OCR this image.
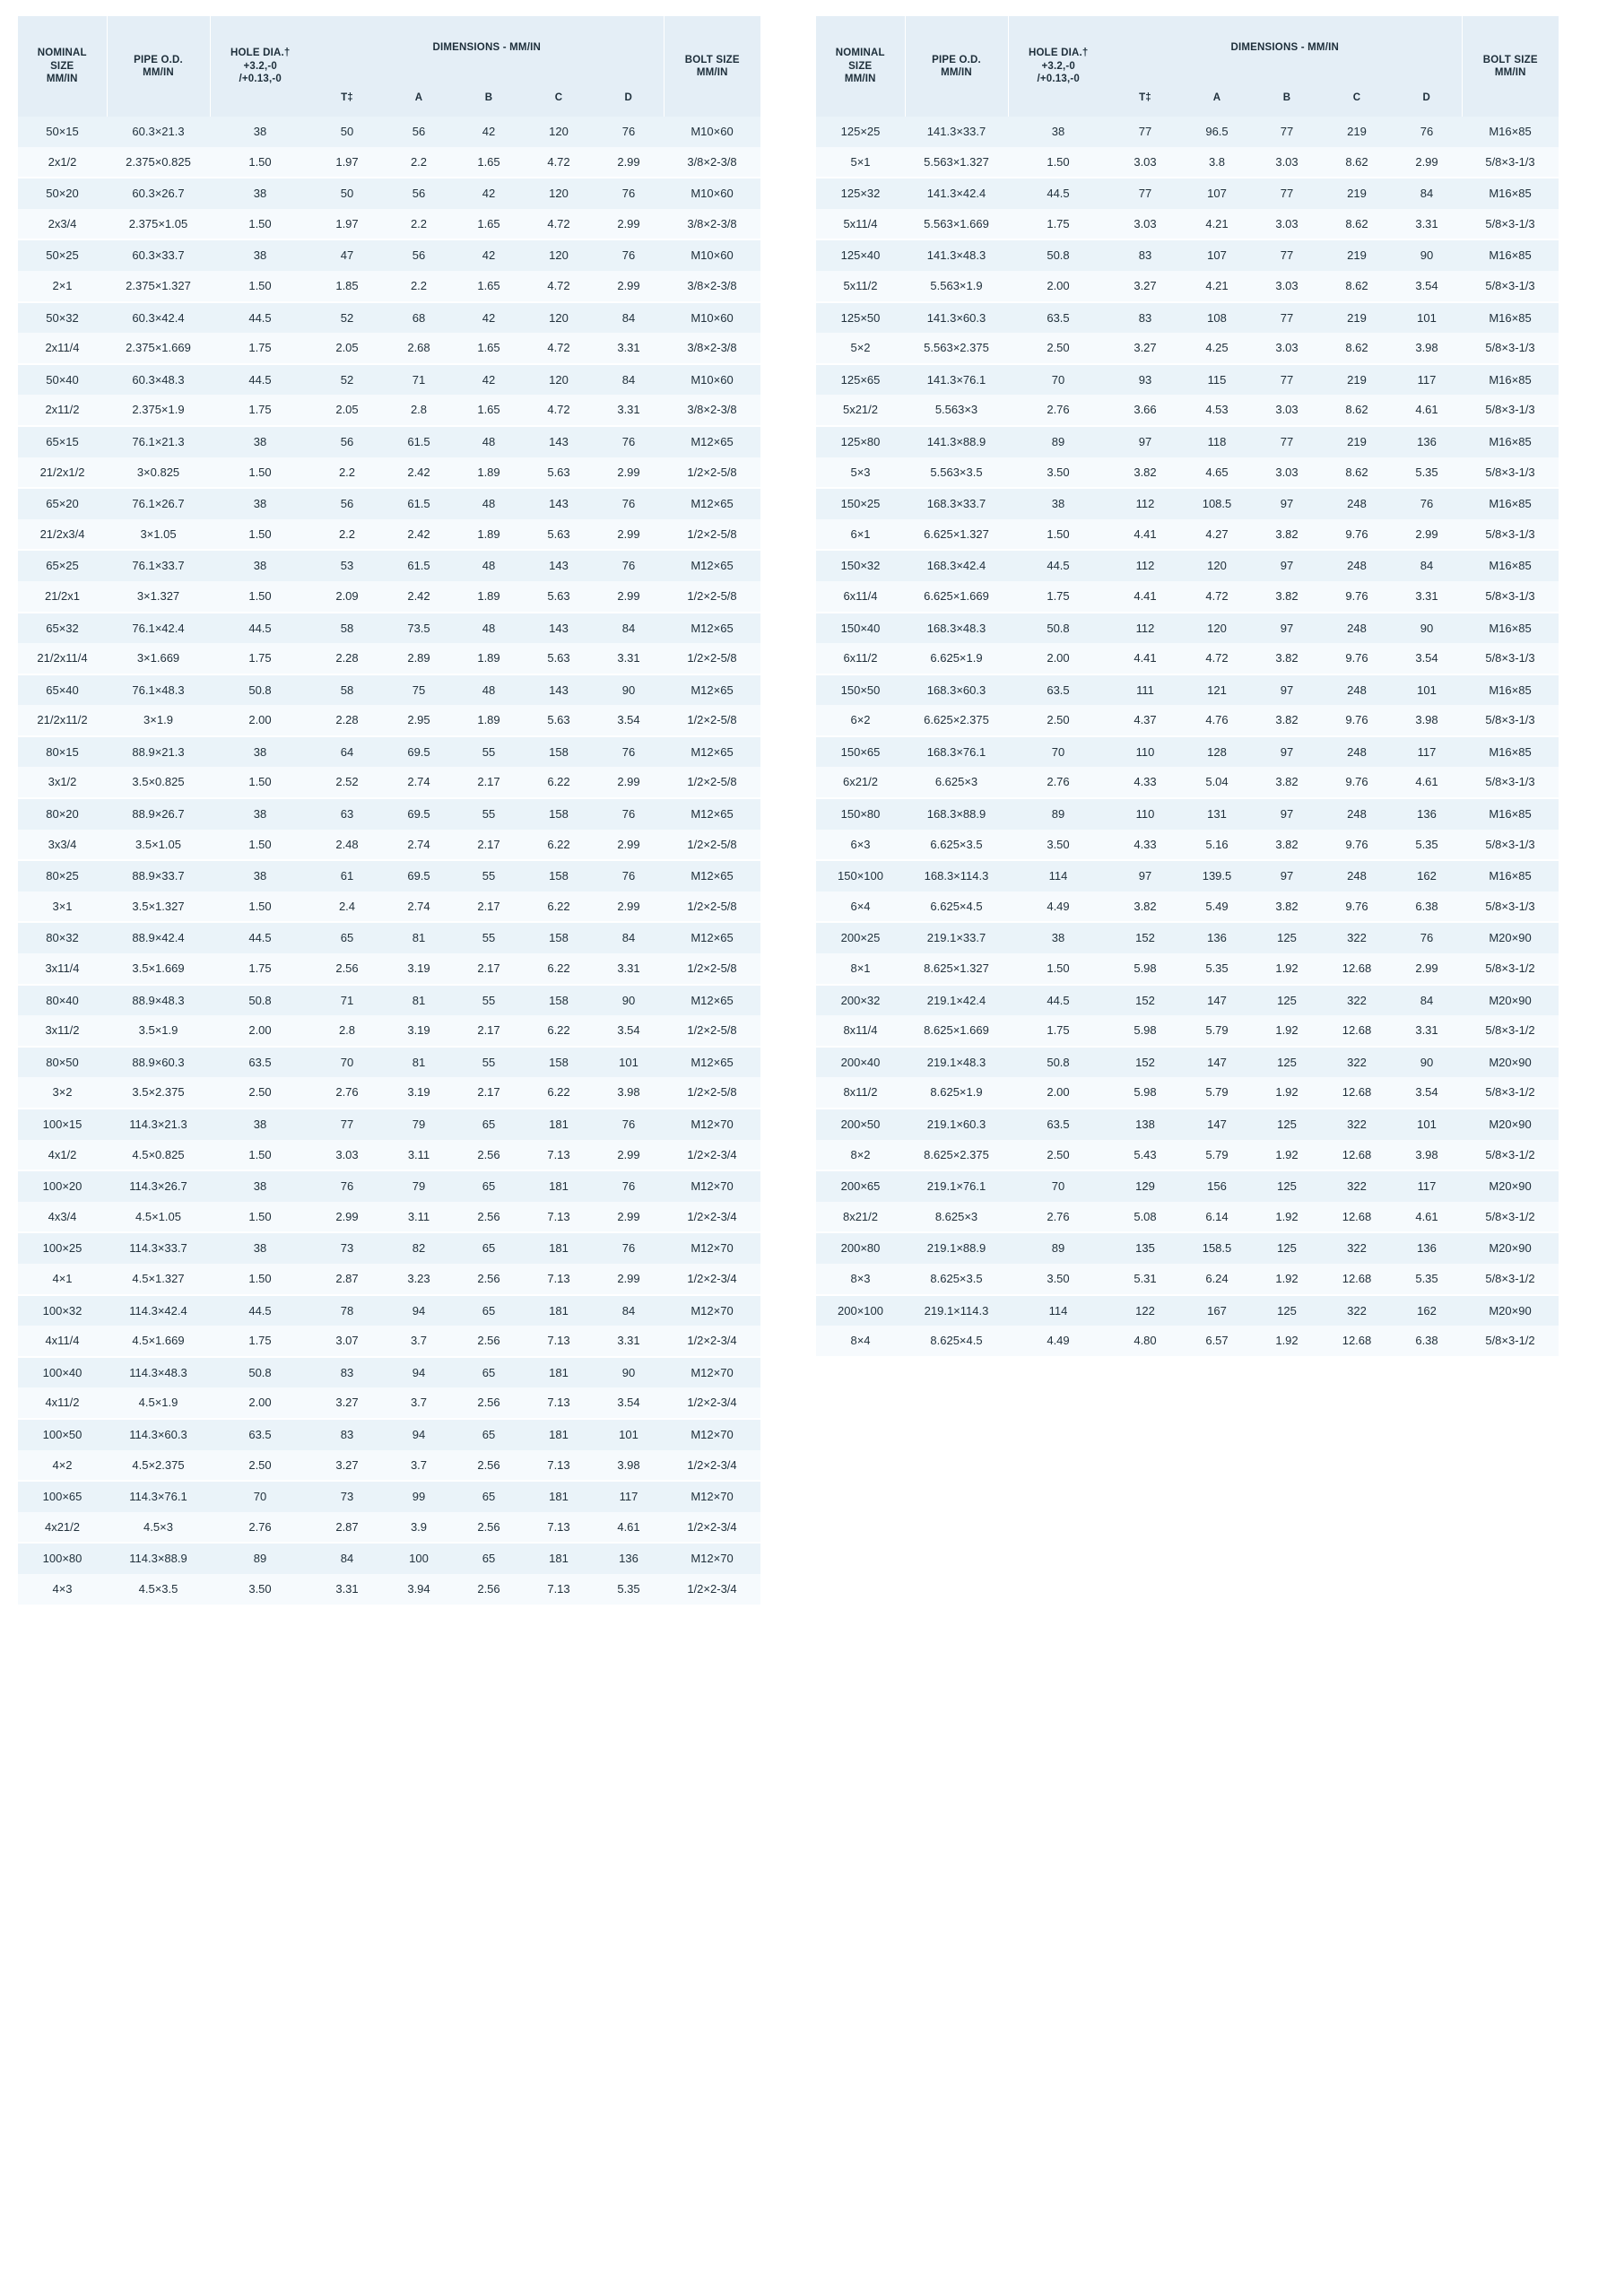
NOMINAL
SIZE
MM/IN

PIPE O.D.
MM/IN

HOLE DIA.†
+3.2,-0
/+0.13,-0
	DIMENSIONS - MM/IN	
BOLT SIZE
MM/IN

			T‡	A	B	C	D	
50×15	60.3×21.3	38	50	56	42	120	76	M10×60
2x1/2	2.375×0.825	1.50	1.97	2.2	1.65	4.72	2.99	3/8×2-3/8
50×20	60.3×26.7	38	50	56	42	120	76	M10×60
2x3/4	2.375×1.05	1.50	1.97	2.2	1.65	4.72	2.99	3/8×2-3/8
50×25	60.3×33.7	38	47	56	42	120	76	M10×60
2×1	2.375×1.327	1.50	1.85	2.2	1.65	4.72	2.99	3/8×2-3/8
50×32	60.3×42.4	44.5	52	68	42	120	84	M10×60
2x11/4	2.375×1.669	1.75	2.05	2.68	1.65	4.72	3.31	3/8×2-3/8
50×40	60.3×48.3	44.5	52	71	42	120	84	M10×60
2x11/2	2.375×1.9	1.75	2.05	2.8	1.65	4.72	3.31	3/8×2-3/8
65×15	76.1×21.3	38	56	61.5	48	143	76	M12×65
21/2x1/2	3×0.825	1.50	2.2	2.42	1.89	5.63	2.99	1/2×2-5/8
65×20	76.1×26.7	38	56	61.5	48	143	76	M12×65
21/2x3/4	3×1.05	1.50	2.2	2.42	1.89	5.63	2.99	1/2×2-5/8
65×25	76.1×33.7	38	53	61.5	48	143	76	M12×65
21/2x1	3×1.327	1.50	2.09	2.42	1.89	5.63	2.99	1/2×2-5/8
65×32	76.1×42.4	44.5	58	73.5	48	143	84	M12×65
21/2x11/4	3×1.669	1.75	2.28	2.89	1.89	5.63	3.31	1/2×2-5/8
65×40	76.1×48.3	50.8	58	75	48	143	90	M12×65
21/2x11/2	3×1.9	2.00	2.28	2.95	1.89	5.63	3.54	1/2×2-5/8
80×15	88.9×21.3	38	64	69.5	55	158	76	M12×65
3x1/2	3.5×0.825	1.50	2.52	2.74	2.17	6.22	2.99	1/2×2-5/8
80×20	88.9×26.7	38	63	69.5	55	158	76	M12×65
3x3/4	3.5×1.05	1.50	2.48	2.74	2.17	6.22	2.99	1/2×2-5/8
80×25	88.9×33.7	38	61	69.5	55	158	76	M12×65
3×1	3.5×1.327	1.50	2.4	2.74	2.17	6.22	2.99	1/2×2-5/8
80×32	88.9×42.4	44.5	65	81	55	158	84	M12×65
3x11/4	3.5×1.669	1.75	2.56	3.19	2.17	6.22	3.31	1/2×2-5/8
80×40	88.9×48.3	50.8	71	81	55	158	90	M12×65
3x11/2	3.5×1.9	2.00	2.8	3.19	2.17	6.22	3.54	1/2×2-5/8
80×50	88.9×60.3	63.5	70	81	55	158	101	M12×65
3×2	3.5×2.375	2.50	2.76	3.19	2.17	6.22	3.98	1/2×2-5/8
100×15	114.3×21.3	38	77	79	65	181	76	M12×70
4x1/2	4.5×0.825	1.50	3.03	3.11	2.56	7.13	2.99	1/2×2-3/4
100×20	114.3×26.7	38	76	79	65	181	76	M12×70
4x3/4	4.5×1.05	1.50	2.99	3.11	2.56	7.13	2.99	1/2×2-3/4
100×25	114.3×33.7	38	73	82	65	181	76	M12×70
4×1	4.5×1.327	1.50	2.87	3.23	2.56	7.13	2.99	1/2×2-3/4
100×32	114.3×42.4	44.5	78	94	65	181	84	M12×70
4x11/4	4.5×1.669	1.75	3.07	3.7	2.56	7.13	3.31	1/2×2-3/4
100×40	114.3×48.3	50.8	83	94	65	181	90	M12×70
4x11/2	4.5×1.9	2.00	3.27	3.7	2.56	7.13	3.54	1/2×2-3/4
100×50	114.3×60.3	63.5	83	94	65	181	101	M12×70
4×2	4.5×2.375	2.50	3.27	3.7	2.56	7.13	3.98	1/2×2-3/4
100×65	114.3×76.1	70	73	99	65	181	117	M12×70
4x21/2	4.5×3	2.76	2.87	3.9	2.56	7.13	4.61	1/2×2-3/4
100×80	114.3×88.9	89	84	100	65	181	136	M12×70
4×3	4.5×3.5	3.50	3.31	3.94	2.56	7.13	5.35	1/2×2-3/4
NOMINAL
SIZE
MM/IN

PIPE O.D.
MM/IN

HOLE DIA.†
+3.2,-0
/+0.13,-0
	DIMENSIONS - MM/IN	
BOLT SIZE
MM/IN

			T‡	A	B	C	D	
125×25	141.3×33.7	38	77	96.5	77	219	76	M16×85
5×1	5.563×1.327	1.50	3.03	3.8	3.03	8.62	2.99	5/8×3-1/3
125×32	141.3×42.4	44.5	77	107	77	219	84	M16×85
5x11/4	5.563×1.669	1.75	3.03	4.21	3.03	8.62	3.31	5/8×3-1/3
125×40	141.3×48.3	50.8	83	107	77	219	90	M16×85
5x11/2	5.563×1.9	2.00	3.27	4.21	3.03	8.62	3.54	5/8×3-1/3
125×50	141.3×60.3	63.5	83	108	77	219	101	M16×85
5×2	5.563×2.375	2.50	3.27	4.25	3.03	8.62	3.98	5/8×3-1/3
125×65	141.3×76.1	70	93	115	77	219	117	M16×85
5x21/2	5.563×3	2.76	3.66	4.53	3.03	8.62	4.61	5/8×3-1/3
125×80	141.3×88.9	89	97	118	77	219	136	M16×85
5×3	5.563×3.5	3.50	3.82	4.65	3.03	8.62	5.35	5/8×3-1/3
150×25	168.3×33.7	38	112	108.5	97	248	76	M16×85
6×1	6.625×1.327	1.50	4.41	4.27	3.82	9.76	2.99	5/8×3-1/3
150×32	168.3×42.4	44.5	112	120	97	248	84	M16×85
6x11/4	6.625×1.669	1.75	4.41	4.72	3.82	9.76	3.31	5/8×3-1/3
150×40	168.3×48.3	50.8	112	120	97	248	90	M16×85
6x11/2	6.625×1.9	2.00	4.41	4.72	3.82	9.76	3.54	5/8×3-1/3
150×50	168.3×60.3	63.5	111	121	97	248	101	M16×85
6×2	6.625×2.375	2.50	4.37	4.76	3.82	9.76	3.98	5/8×3-1/3
150×65	168.3×76.1	70	110	128	97	248	117	M16×85
6x21/2	6.625×3	2.76	4.33	5.04	3.82	9.76	4.61	5/8×3-1/3
150×80	168.3×88.9	89	110	131	97	248	136	M16×85
6×3	6.625×3.5	3.50	4.33	5.16	3.82	9.76	5.35	5/8×3-1/3
150×100	168.3×114.3	114	97	139.5	97	248	162	M16×85
6×4	6.625×4.5	4.49	3.82	5.49	3.82	9.76	6.38	5/8×3-1/3
200×25	219.1×33.7	38	152	136	125	322	76	M20×90
8×1	8.625×1.327	1.50	5.98	5.35	1.92	12.68	2.99	5/8×3-1/2
200×32	219.1×42.4	44.5	152	147	125	322	84	M20×90
8x11/4	8.625×1.669	1.75	5.98	5.79	1.92	12.68	3.31	5/8×3-1/2
200×40	219.1×48.3	50.8	152	147	125	322	90	M20×90
8x11/2	8.625×1.9	2.00	5.98	5.79	1.92	12.68	3.54	5/8×3-1/2
200×50	219.1×60.3	63.5	138	147	125	322	101	M20×90
8×2	8.625×2.375	2.50	5.43	5.79	1.92	12.68	3.98	5/8×3-1/2
200×65	219.1×76.1	70	129	156	125	322	117	M20×90
8x21/2	8.625×3	2.76	5.08	6.14	1.92	12.68	4.61	5/8×3-1/2
200×80	219.1×88.9	89	135	158.5	125	322	136	M20×90
8×3	8.625×3.5	3.50	5.31	6.24	1.92	12.68	5.35	5/8×3-1/2
200×100	219.1×114.3	114	122	167	125	322	162	M20×90
8×4	8.625×4.5	4.49	4.80	6.57	1.92	12.68	6.38	5/8×3-1/2
